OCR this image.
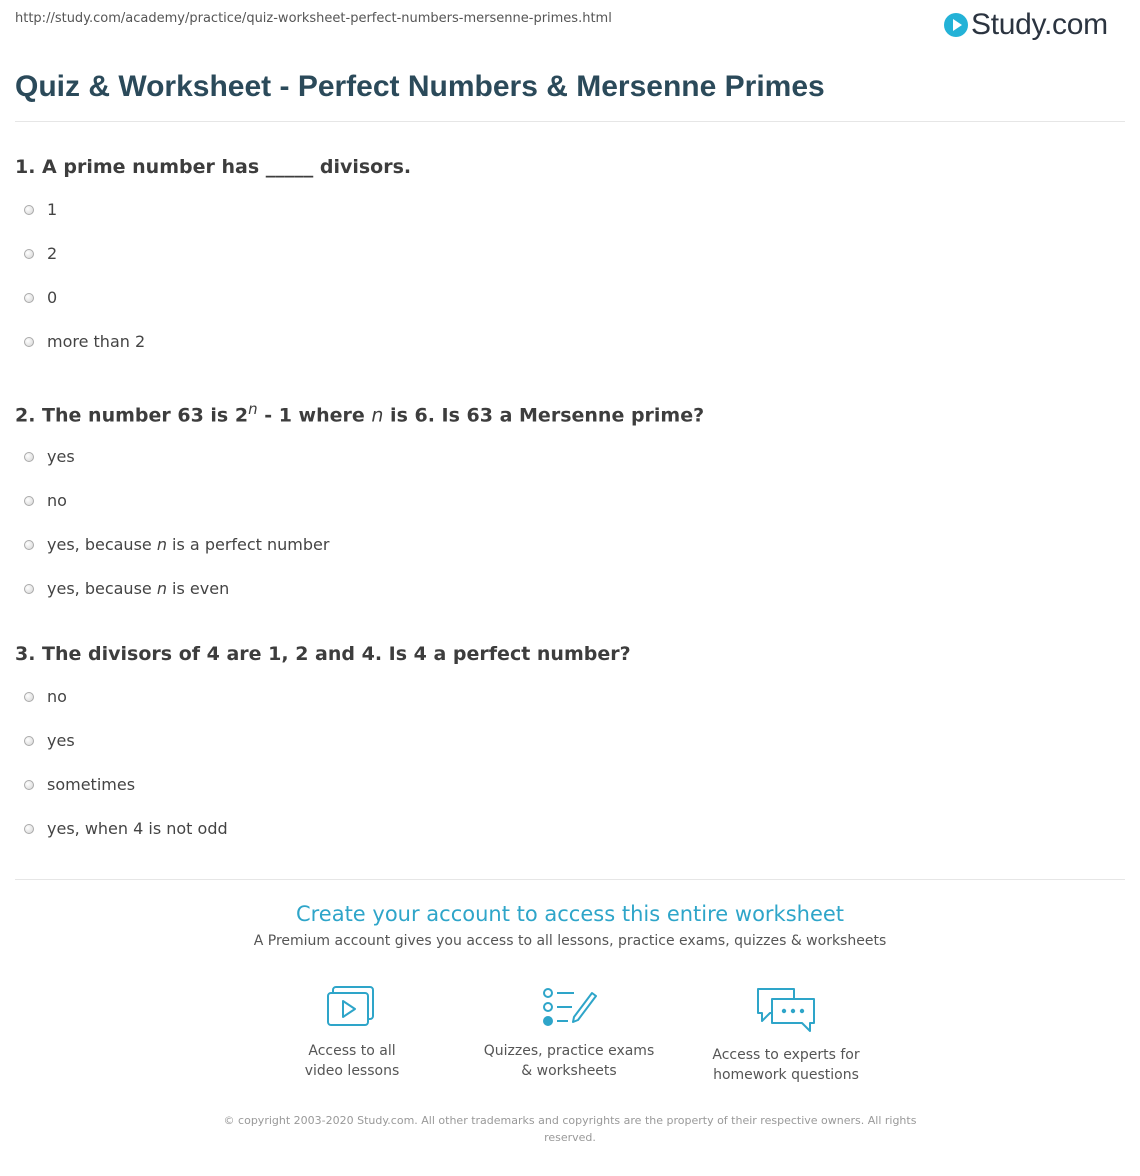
http://study.com/academy/practice/quiz-worksheet-perfect-numbers-mersenne-primes.html	Study.com
Quiz & Worksheet - Perfect Numbers & Mersenne Primes
1. A prime number has _____ divisors.
1
2
0
more than 2
2. The number 63 is 2$^n$ - 1 where n is 6. Is 63 a Mersenne prime?
yes
no
yes, because n is a perfect number
yes, because n is even
3. The divisors of 4 are 1, 2 and 4. Is 4 a perfect number?
no
yes
sometimes
yes, when 4 is not odd
Create your account to access this entire worksheet
A Premium account gives you access to all lessons, practice exams, quizzes & worksheets
Access to all
video lessons
Quizzes, practice exams
& worksheets
Access to experts for
homework questions
© copyright 2003-2020 Study.com. All other trademarks and copyrights are the property of their respective owners. All rights
reserved.
